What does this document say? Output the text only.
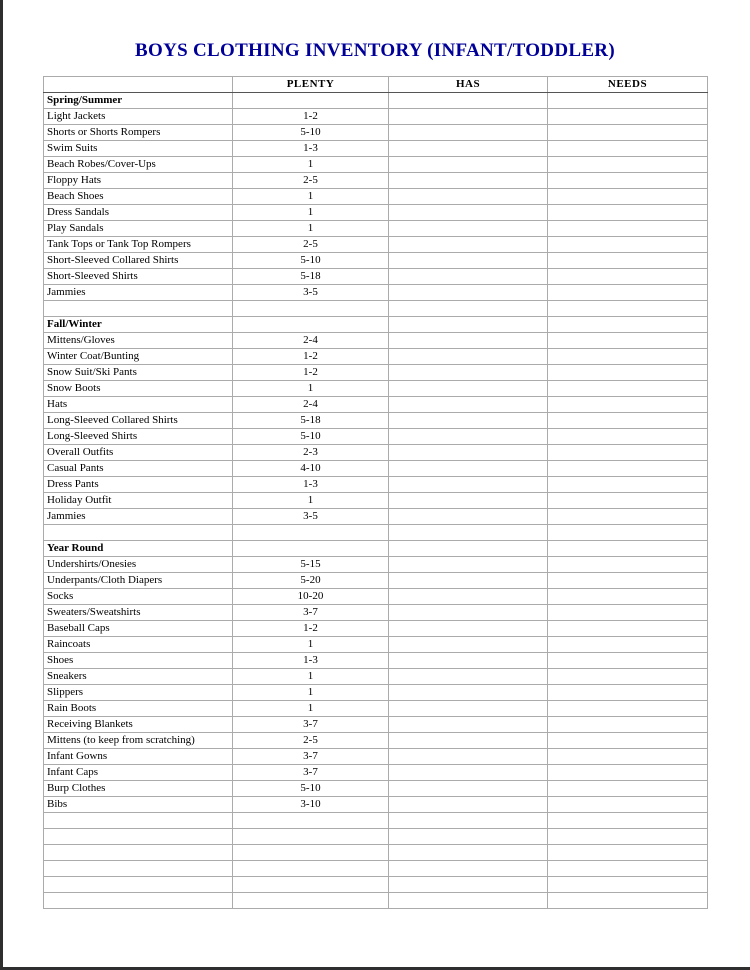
BOYS CLOTHING INVENTORY (INFANT/TODDLER)
	PLENTY	HAS	NEEDS
Spring/Summer			
Light Jackets	1-2		
Shorts or Shorts Rompers	5-10		
Swim Suits	1-3		
Beach Robes/Cover-Ups	1		
Floppy Hats	2-5		
Beach Shoes	1		
Dress Sandals	1		
Play Sandals	1		
Tank Tops or Tank Top Rompers	2-5		
Short-Sleeved Collared Shirts	5-10		
Short-Sleeved Shirts	5-18		
Jammies	3-5		

Fall/Winter			
Mittens/Gloves	2-4		
Winter Coat/Bunting	1-2		
Snow Suit/Ski Pants	1-2		
Snow Boots	1		
Hats	2-4		
Long-Sleeved Collared Shirts	5-18		
Long-Sleeved Shirts	5-10		
Overall Outfits	2-3		
Casual Pants	4-10		
Dress Pants	1-3		
Holiday Outfit	1		
Jammies	3-5		

Year Round			
Undershirts/Onesies	5-15		
Underpants/Cloth Diapers	5-20		
Socks	10-20		
Sweaters/Sweatshirts	3-7		
Baseball Caps	1-2		
Raincoats	1		
Shoes	1-3		
Sneakers	1		
Slippers	1		
Rain Boots	1		
Receiving Blankets	3-7		
Mittens (to keep from scratching)	2-5		
Infant Gowns	3-7		
Infant Caps	3-7		
Burp Clothes	5-10		
Bibs	3-10		
